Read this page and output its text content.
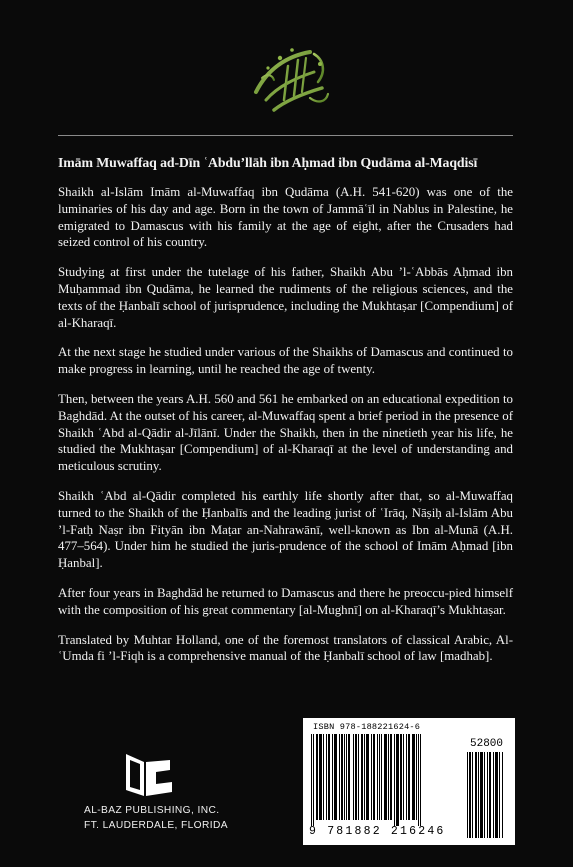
Imām Muwaffaq ad-Dīn ʿAbdu’llāh ibn Aḥmad ibn Qudāma al-Maqdisī

Shaikh al-Islām Imām al-Muwaffaq ibn Qudāma (A.H. 541-620) was one of the luminaries of his day and age. Born in the town of Jammāʿīl in Nablus in Palestine, he emigrated to Damascus with his family at the age of eight, after the Crusaders had seized control of his country.

Studying at first under the tutelage of his father, Shaikh Abu ’l-ʿAbbās Aḥmad ibn Muḥammad ibn Qudāma, he learned the rudiments of the religious sciences, and the texts of the Ḥanbalī school of jurisprudence, including the Mukhtaṣar [Compendium] of al-Kharaqī.

At the next stage he studied under various of the Shaikhs of Damascus and continued to make progress in learning, until he reached the age of twenty.

Then, between the years A.H. 560 and 561 he embarked on an educational expedition to Baghdād. At the outset of his career, al-Muwaffaq spent a brief period in the presence of Shaikh ʿAbd al-Qādir al-Jīlānī. Under the Shaikh, then in the ninetieth year his life, he studied the Mukhtaṣar [Compendium] of al-Kharaqī at the level of understanding and meticulous scrutiny.

Shaikh ʿAbd al-Qādir completed his earthly life shortly after that, so al-Muwaffaq turned to the Shaikh of the Ḥanbalīs and the leading jurist of ʿIrāq, Nāṣiḥ al-Islām Abu ’l-Fatḥ Naṣr ibn Fityān ibn Maṭar an-Nahrawānī, well-known as Ibn al-Munā (A.H. 477–564). Under him he studied the juris-prudence of the school of Imām Aḥmad [ibn Ḥanbal].

After four years in Baghdād he returned to Damascus and there he preoccu-pied himself with the composition of his great commentary [al-Mughnī] on al-Kharaqī’s Mukhtaṣar.

Translated by Muhtar Holland, one of the foremost translators of classical Arabic, Al-ʿUmda fi ’l-Fiqh is a comprehensive manual of the Ḥanbalī school of law [madhab].

AL-BAZ PUBLISHING, INC.
FT. LAUDERDALE, FLORIDA
ISBN 978-188221624-6
52800
9 781882 216246
